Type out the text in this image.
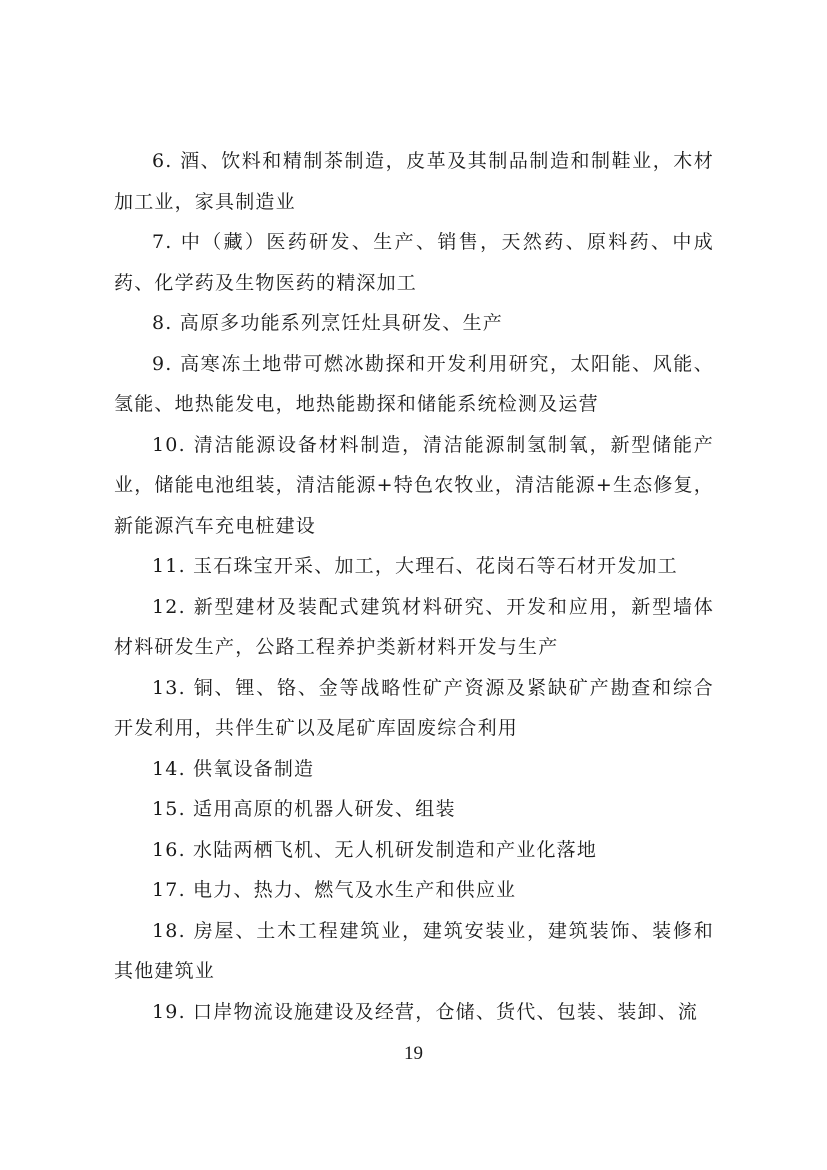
6. 酒、饮料和精制茶制造，皮革及其制品制造和制鞋业，木材加工业，家具制造业

7. 中（藏）医药研发、生产、销售，天然药、原料药、中成药、化学药及生物医药的精深加工

8. 高原多功能系列烹饪灶具研发、生产

9. 高寒冻土地带可燃冰勘探和开发利用研究，太阳能、风能、氢能、地热能发电，地热能勘探和储能系统检测及运营

10. 清洁能源设备材料制造，清洁能源制氢制氧，新型储能产业，储能电池组装，清洁能源+特色农牧业，清洁能源+生态修复，新能源汽车充电桩建设

11. 玉石珠宝开采、加工，大理石、花岗石等石材开发加工

12. 新型建材及装配式建筑材料研究、开发和应用，新型墙体材料研发生产，公路工程养护类新材料开发与生产

13. 铜、锂、铬、金等战略性矿产资源及紧缺矿产勘查和综合开发利用，共伴生矿以及尾矿库固废综合利用

14. 供氧设备制造

15. 适用高原的机器人研发、组装

16. 水陆两栖飞机、无人机研发制造和产业化落地

17. 电力、热力、燃气及水生产和供应业

18. 房屋、土木工程建筑业，建筑安装业，建筑装饰、装修和其他建筑业

19. 口岸物流设施建设及经营，仓储、货代、包装、装卸、流

19
